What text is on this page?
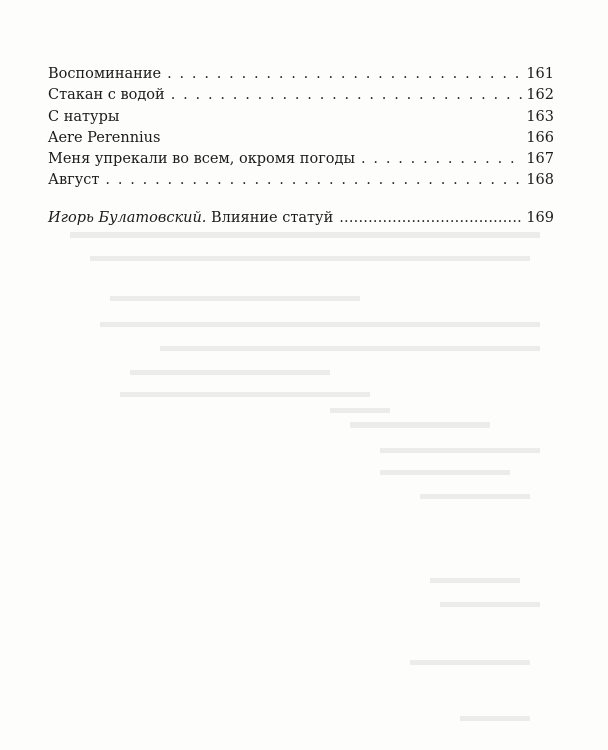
Воспоминание . . .	161
Стакан с водой . . .	162
С натуры	163
Aere Perennius	166
Меня упрекали во всем, окромя погоды . . .	167
Август . . .	168
Игорь Булатовский. Влияние статуй .....	169
